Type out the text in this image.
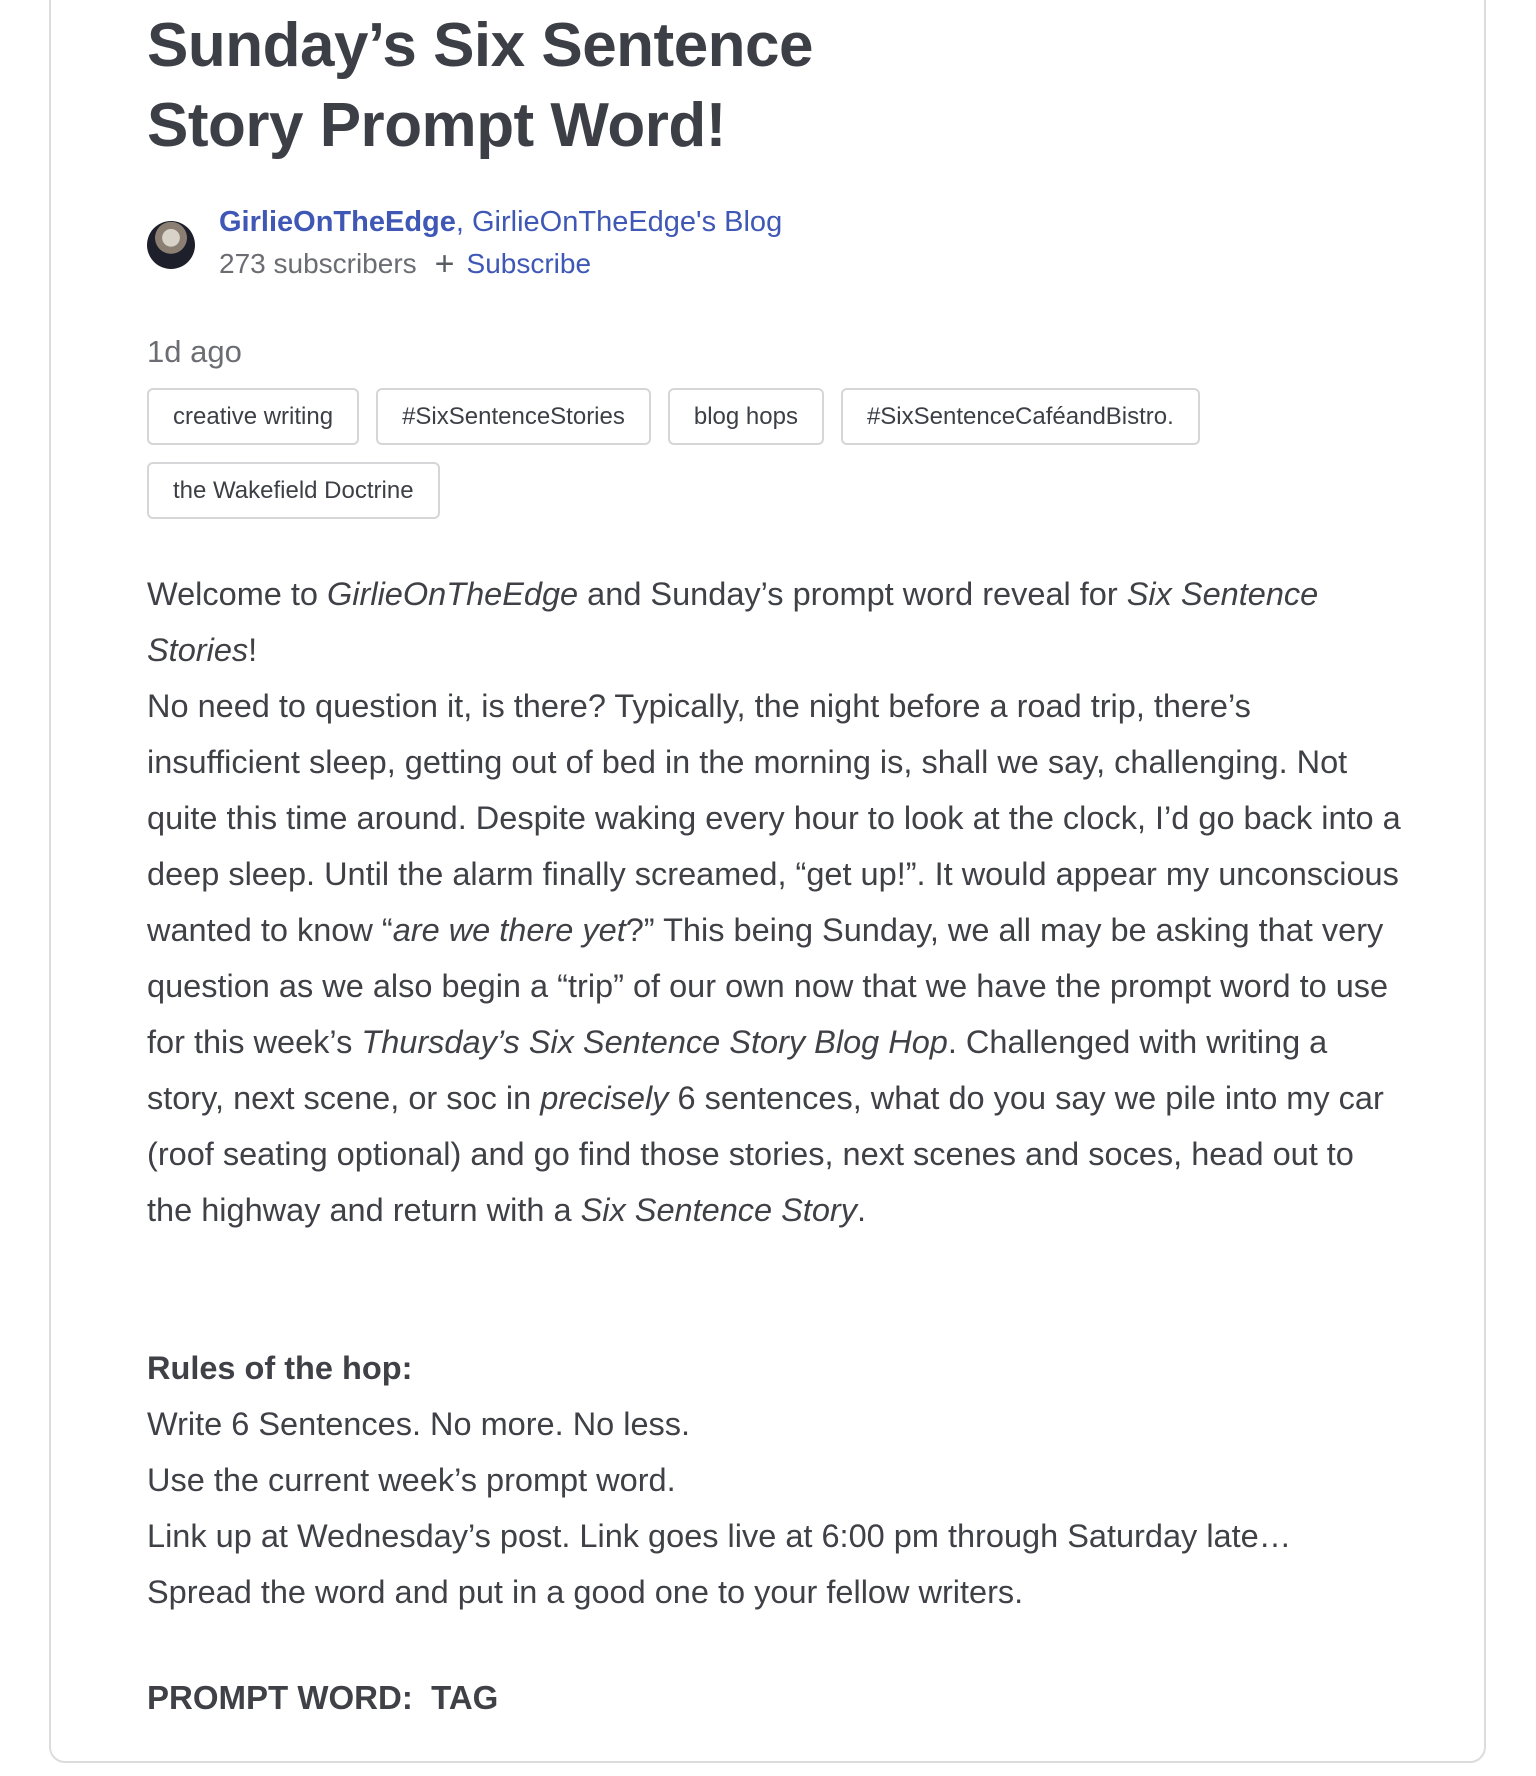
Sunday’s Six Sentence
Story Prompt Word!
GirlieOnTheEdge, GirlieOnTheEdge's Blog
273 subscribers + Subscribe
1d ago
creative writing	#SixSentenceStories	blog hops	#SixSentenceCaféandBistro.
the Wakefield Doctrine

Welcome to GirlieOnTheEdge and Sunday’s prompt word reveal for Six Sentence Stories!

No need to question it, is there? Typically, the night before a road trip, there’s insufficient sleep, getting out of bed in the morning is, shall we say, challenging. Not quite this time around. Despite waking every hour to look at the clock, I’d go back into a deep sleep. Until the alarm finally screamed, “get up!”. It would appear my unconscious wanted to know “are we there yet?” This being Sunday, we all may be asking that very question as we also begin a “trip” of our own now that we have the prompt word to use for this week’s Thursday’s Six Sentence Story Blog Hop. Challenged with writing a story, next scene, or soc in precisely 6 sentences, what do you say we pile into my car (roof seating optional) and go find those stories, next scenes and soces, head out to the highway and return with a Six Sentence Story.

Rules of the hop:

Write 6 Sentences. No more. No less.

Use the current week’s prompt word.

Link up at Wednesday’s post. Link goes live at 6:00 pm through Saturday late…

Spread the word and put in a good one to your fellow writers.

PROMPT WORD:  TAG
